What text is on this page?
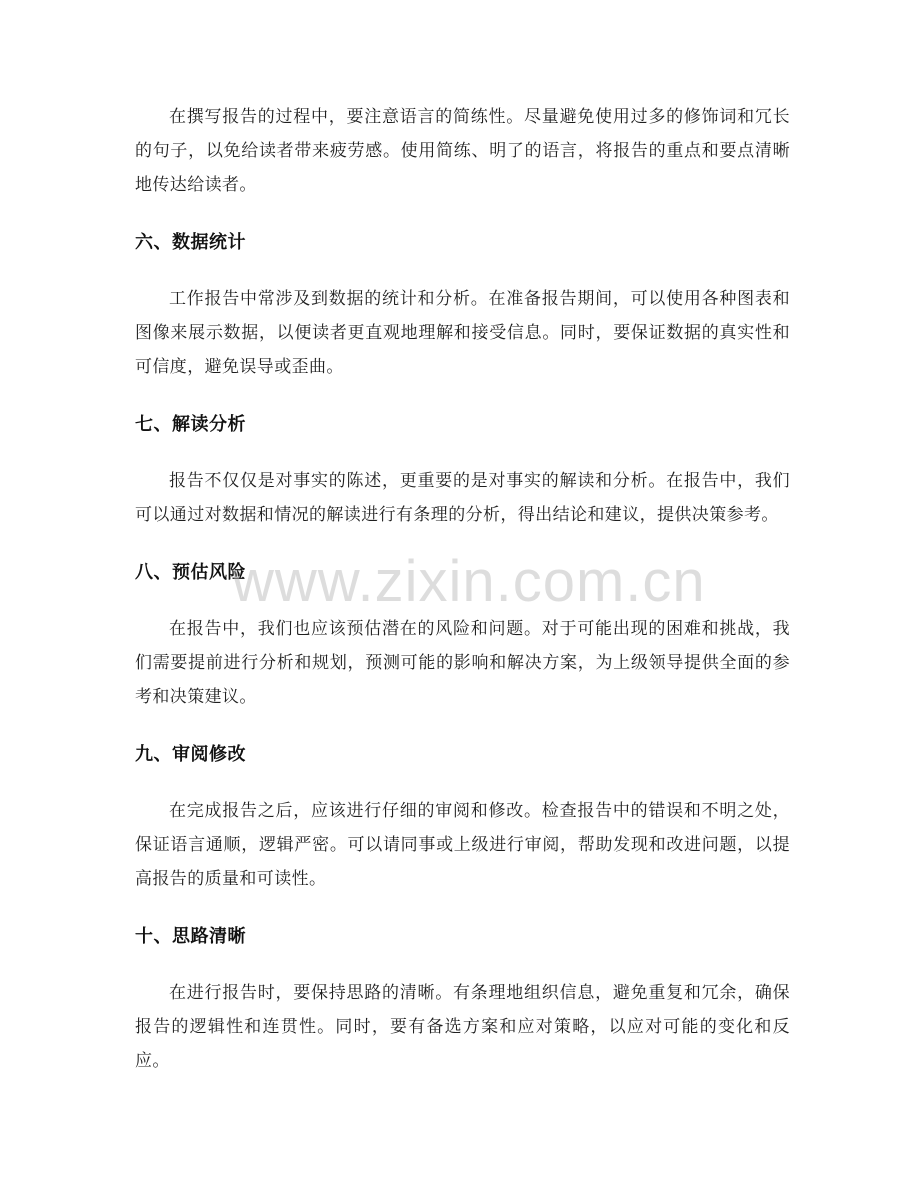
在撰写报告的过程中，要注意语言的简练性。尽量避免使用过多的修饰词和冗长的句子，以免给读者带来疲劳感。使用简练、明了的语言，将报告的重点和要点清晰地传达给读者。

六、数据统计

工作报告中常涉及到数据的统计和分析。在准备报告期间，可以使用各种图表和图像来展示数据，以便读者更直观地理解和接受信息。同时，要保证数据的真实性和可信度，避免误导或歪曲。

七、解读分析

报告不仅仅是对事实的陈述，更重要的是对事实的解读和分析。在报告中，我们可以通过对数据和情况的解读进行有条理的分析，得出结论和建议，提供决策参考。

八、预估风险

在报告中，我们也应该预估潜在的风险和问题。对于可能出现的困难和挑战，我们需要提前进行分析和规划，预测可能的影响和解决方案，为上级领导提供全面的参考和决策建议。

九、审阅修改

在完成报告之后，应该进行仔细的审阅和修改。检查报告中的错误和不明之处，保证语言通顺，逻辑严密。可以请同事或上级进行审阅，帮助发现和改进问题，以提高报告的质量和可读性。

十、思路清晰

在进行报告时，要保持思路的清晰。有条理地组织信息，避免重复和冗余，确保报告的逻辑性和连贯性。同时，要有备选方案和应对策略，以应对可能的变化和反应。

www.zixin.com.cn
